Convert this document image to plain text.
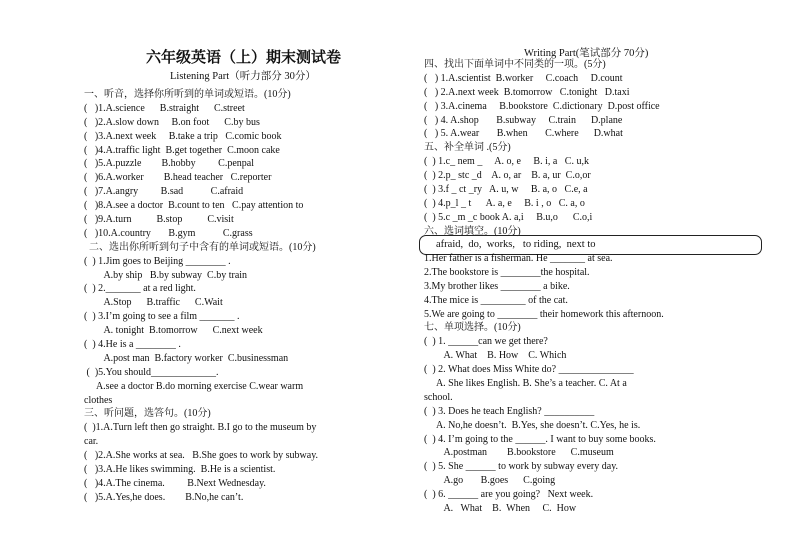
六年级英语（上）期末测试卷
Listening Part（听力部分 30分）
一、听音，选择你所听到的单词或短语。(10分)
(   )1.A.science      B.straight      C.street
(   )2.A.slow down     B.on foot      C.by bus
(   )3.A.next week     B.take a trip   C.comic book
(   )4.A.traffic light  B.get together  C.moon cake
(   )5.A.puzzle        B.hobby         C.penpal
(   )6.A.worker        B.head teacher   C.reporter
(   )7.A.angry         B.sad           C.afraid
(   )8.A.see a doctor  B.count to ten   C.pay attention to
(   )9.A.turn          B.stop          C.visit
(   )10.A.country       B.gym           C.grass
二、选出你所听到句子中含有的单词或短语。(10分)
(  ) 1.Jim goes to Beijing ________ .
A.by ship   B.by subway  C.by train
(  ) 2._______ at a red light.
A.Stop      B.traffic      C.Wait
(  ) 3.I’m going to see a film _______ .
A. tonight  B.tomorrow      C.next week
(  ) 4.He is a ________ .
A.post man  B.factory worker  C.businessman
(  )5.You should_____________.
A.see a doctor B.do morning exercise C.wear warm
clothes
三、听问题，选答句。(10分)
(  )1.A.Turn left then go straight. B.I go to the museum by
car.
(   )2.A.She works at sea.   B.She goes to work by subway.
(   )3.A.He likes swimming.  B.He is a scientist.
(   )4.A.The cinema.         B.Next Wednesday.
(   )5.A.Yes,he does.        B.No,he can’t.
Writing Part(笔试部分 70分)
四、找出下面单词中不同类的一项。(5分)
(   ) 1.A.scientist  B.worker     C.coach     D.count
(   ) 2.A.next week  B.tomorrow   C.tonight   D.taxi
(   ) 3.A.cinema     B.bookstore  C.dictionary  D.post office
(   ) 4. A.shop       B.subway     C.train      D.plane
(   ) 5. A.wear       B.when       C.where      D.what
五、补全单词 .(5分)
(  ) 1.c_ nem _     A. o, e     B. i, a   C. u,k
(  ) 2.p_ stc _d    A. o, ar    B. a, ur  C.o,or
(  ) 3.f _ ct _ry   A. u, w     B. a, o   C.e, a
(  ) 4.p_l _ t      A. a, e     B. i , o   C. a, o
(  ) 5.c _m _c book A. a,i     B.u,o      C.o,i
六、选词填空。(10分)
afraid,  do,  works,   to riding,  next to
1.Her father is a fisherman. He _______ at sea.
2.The bookstore is ________the hospital.
3.My brother likes ________ a bike.
4.The mice is _________ of the cat.
5.We are going to ________ their homework this afternoon.
七、单项选择。(10分)
(  ) 1. ______can we get there?
A. What    B. How    C. Which
(  ) 2. What does Miss White do? _______________
A. She likes English. B. She’s a teacher. C. At a
school.
(  ) 3. Does he teach English? __________
A. No,he doesn’t.  B.Yes, she doesn’t. C.Yes, he is.
(  ) 4. I’m going to the ______. I want to buy some books.
A.postman        B.bookstore      C.museum
(  ) 5. She ______ to work by subway every day.
A.go       B.goes      C.going
(  ) 6. ______ are you going?   Next week.
A.   What    B.  When     C.  How
